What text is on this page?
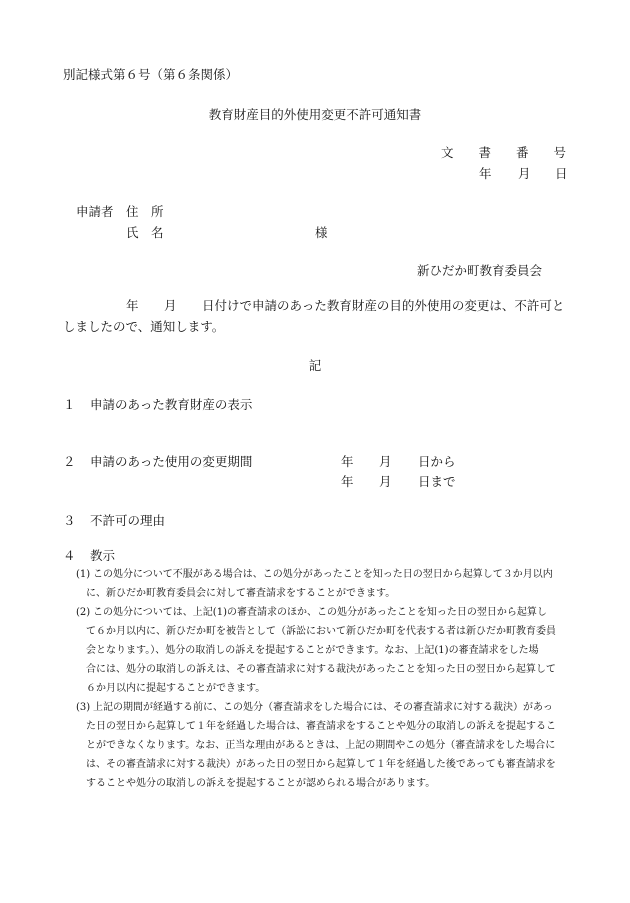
別記様式第６号（第６条関係）
教育財産目的外使用変更不許可通知書
文　　書　　番　　号
年 月 日
申請者 住　所
氏　名	様
新ひだか町教育委員会
年 月 日付けで申請のあった教育財産の目的外使用の変更は、不許可と
しましたので、通知します。
記
１ 申請のあった教育財産の表示
２ 申請のあった使用の変更期間	年 月 日から
年 月 日まで
３ 不許可の理由
４ 教示
(1) この処分について不服がある場合は、この処分があったことを知った日の翌日から起算して３か月以内
に、新ひだか町教育委員会に対して審査請求をすることができます。
(2) この処分については、上記(1)の審査請求のほか、この処分があったことを知った日の翌日から起算し
て６か月以内に、新ひだか町を被告として（訴訟において新ひだか町を代表する者は新ひだか町教育委員
会となります。）、処分の取消しの訴えを提起することができます。なお、上記(1)の審査請求をした場
合には、処分の取消しの訴えは、その審査請求に対する裁決があったことを知った日の翌日から起算して
６か月以内に提起することができます。
(3) 上記の期間が経過する前に、この処分（審査請求をした場合には、その審査請求に対する裁決）があっ
た日の翌日から起算して１年を経過した場合は、審査請求をすることや処分の取消しの訴えを提起するこ
とができなくなります。なお、正当な理由があるときは、上記の期間やこの処分（審査請求をした場合に
は、その審査請求に対する裁決）があった日の翌日から起算して１年を経過した後であっても審査請求を
することや処分の取消しの訴えを提起することが認められる場合があります。
